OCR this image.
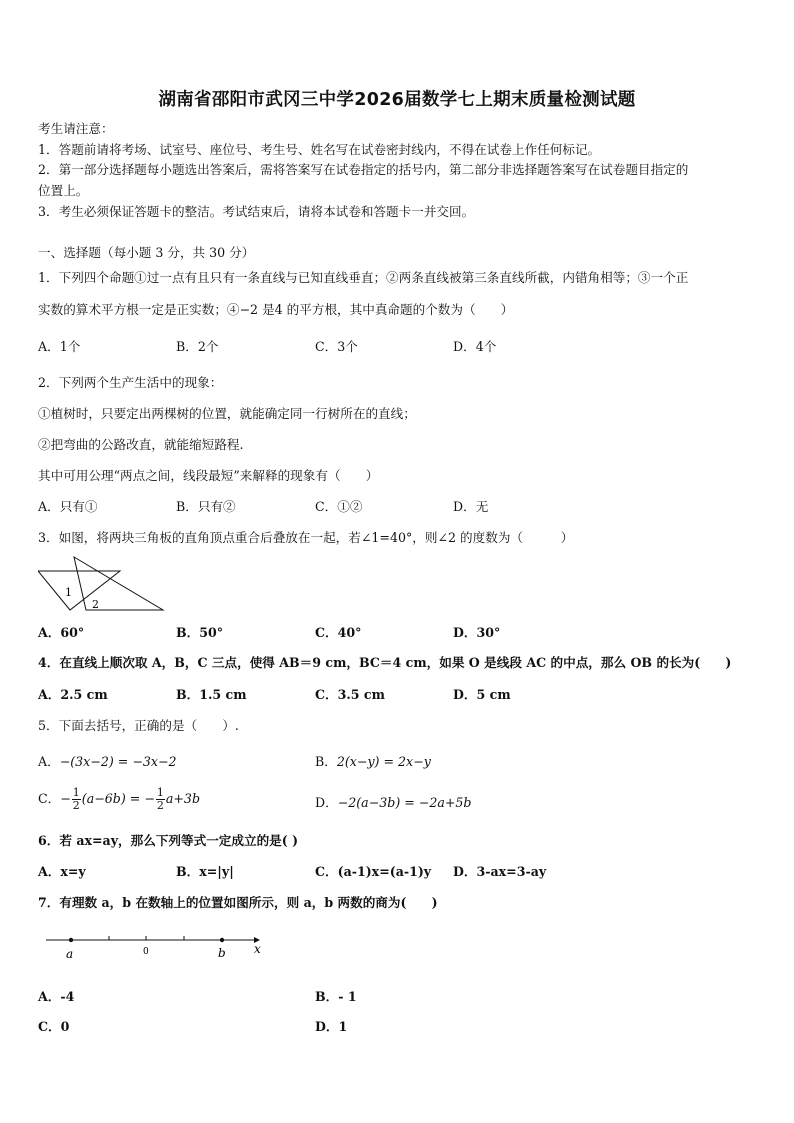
湖南省邵阳市武冈三中学2026届数学七上期末质量检测试题
考生请注意：
1．答题前请将考场、试室号、座位号、考生号、姓名写在试卷密封线内，不得在试卷上作任何标记。
2．第一部分选择题每小题选出答案后，需将答案写在试卷指定的括号内，第二部分非选择题答案写在试卷题目指定的
位置上。
3．考生必须保证答题卡的整洁。考试结束后，请将本试卷和答题卡一并交回。
一、选择题（每小题 3 分，共 30 分）
1．下列四个命题①过一点有且只有一条直线与已知直线垂直；②两条直线被第三条直线所截，内错角相等；③一个正
实数的算术平方根一定是正实数；④−2 是4 的平方根，其中真命题的个数为（　　）
A．1个	B．2个	C．3个	D．4个
2．下列两个生产生活中的现象：
①植树时，只要定出两棵树的位置，就能确定同一行树所在的直线；
②把弯曲的公路改直，就能缩短路程.
其中可用公理“两点之间，线段最短”来解释的现象有（　　）
A．只有①	B．只有②	C．①②	D．无
3．如图，将两块三角板的直角顶点重合后叠放在一起，若∠1=40°，则∠2 的度数为（　　　）
1
2
A．60°	B．50°	C．40°	D．30°
4．在直线上顺次取 A，B，C 三点，使得 AB＝9 cm，BC＝4 cm，如果 O 是线段 AC 的中点，那么 OB 的长为(　　)
A．2.5 cm	B．1.5 cm	C．3.5 cm	D．5 cm
5．下面去括号，正确的是（　　）.
A．−(3x−2) = −3x−2	B．2(x−y) = 2x−y
C．− $\frac{1}{2} (a-6b)$ = − $\frac{1}{2} a+3b$	D．−2(a−3b) = −2a+5b
6．若 ax=ay，那么下列等式一定成立的是( )
A．x=y	B．x=|y|	C．(a-1)x=(a-1)y D．3-ax=3-ay
7．有理数 a，b 在数轴上的位置如图所示，则 a，b 两数的商为(　　)
a	0	b x
A．-4	B．- 1
C．0	D．1
